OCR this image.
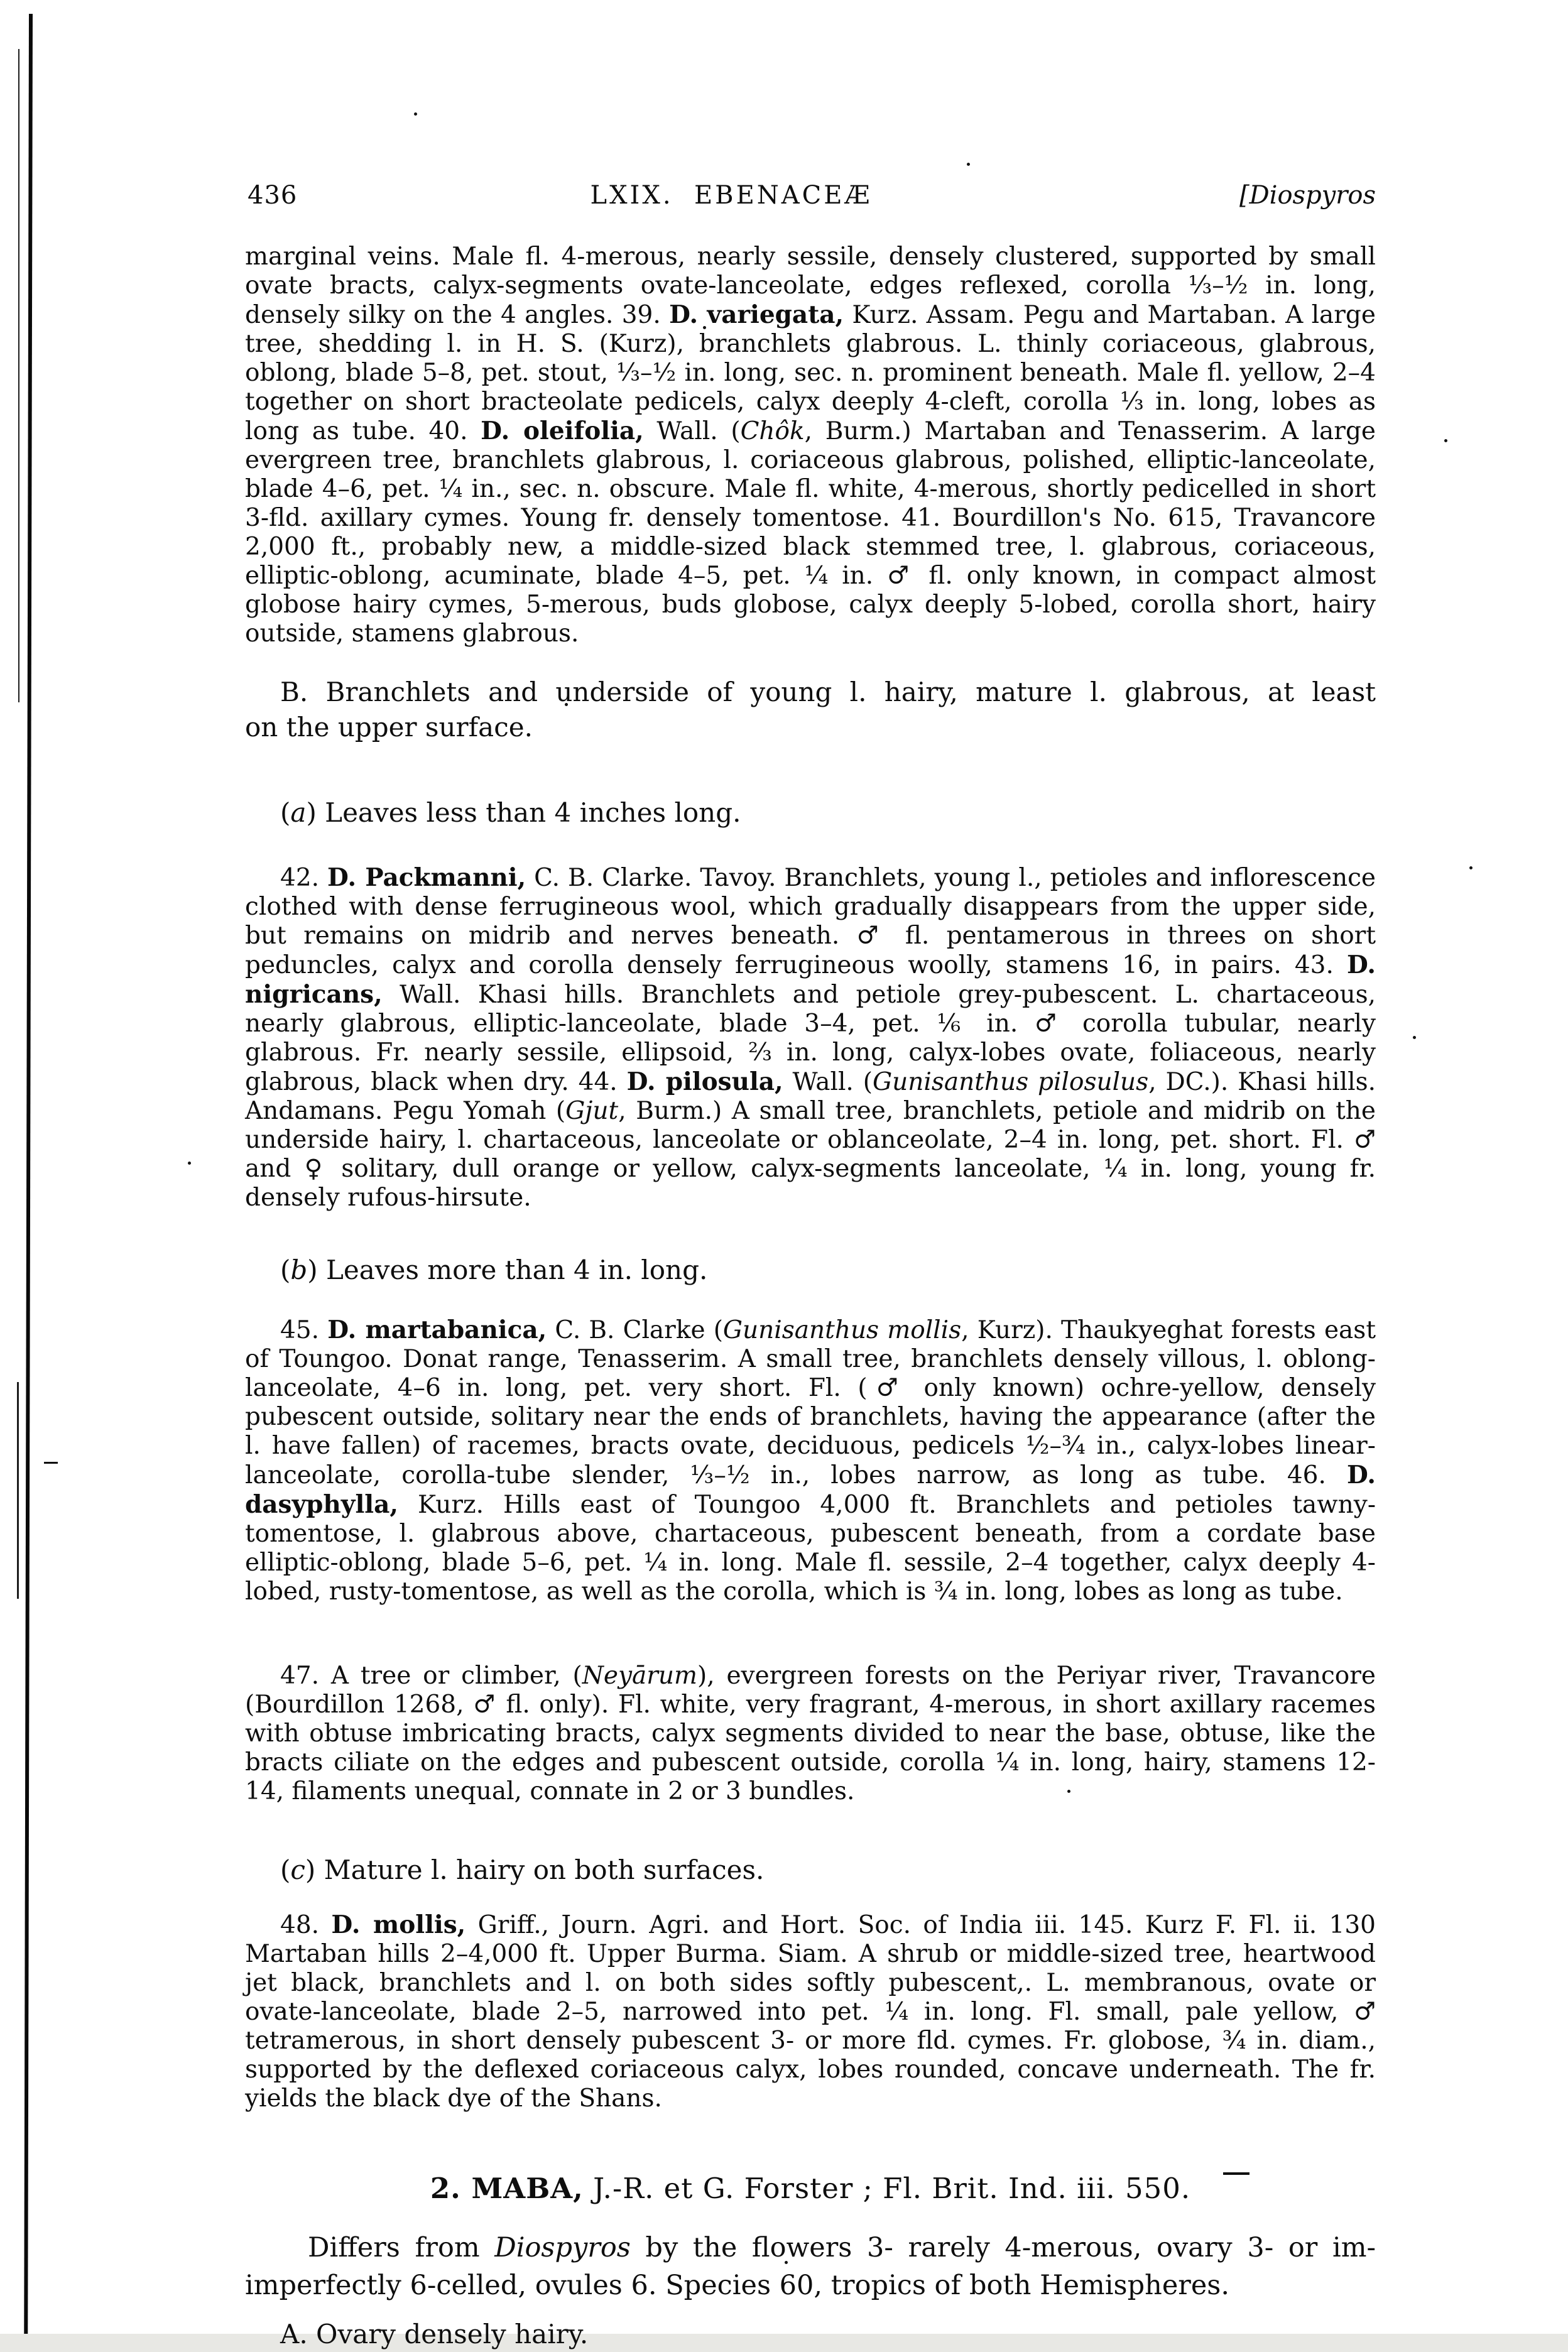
436	LXIX.  EBENACEÆ	[Diospyros
marginal veins. Male fl. 4-merous, nearly sessile, densely clustered, supported by small ovate bracts, calyx-segments ovate-lanceolate, edges reflexed, corolla ⅓–½ in. long, densely silky on the 4 angles. 39. D. variegata, Kurz. Assam. Pegu and Martaban. A large tree, shedding l. in H. S. (Kurz), branchlets glabrous. L. thinly coriaceous, glabrous, oblong, blade 5–8, pet. stout, ⅓–½ in. long, sec. n. prominent beneath. Male fl. yellow, 2–4 together on short bracteolate pedicels, calyx deeply 4-cleft, corolla ⅓ in. long, lobes as long as tube. 40. D. oleifolia, Wall. (Chôk, Burm.) Martaban and Tenasserim. A large evergreen tree, branchlets glabrous, l. coriaceous glabrous, polished, elliptic-lanceolate, blade 4–6, pet. ¼ in., sec. n. obscure. Male fl. white, 4-merous, shortly pedicelled in short 3-fld. axillary cymes. Young fr. densely tomentose. 41. Bourdillon's No. 615, Travancore 2,000 ft., probably new, a middle-sized black stemmed tree, l. glabrous, coriaceous, elliptic-oblong, acuminate, blade 4–5, pet. ¼ in. ♂ fl. only known, in compact almost globose hairy cymes, 5-merous, buds globose, calyx deeply 5-lobed, corolla short, hairy outside, stamens glabrous.
B. Branchlets and underside of young l. hairy, mature l. glabrous, at least
on the upper surface.
(a) Leaves less than 4 inches long.
42. D. Packmanni, C. B. Clarke. Tavoy. Branchlets, young l., petioles and inflorescence clothed with dense ferrugineous wool, which gradually disappears from the upper side, but remains on midrib and nerves beneath. ♂ fl. pentamerous in threes on short peduncles, calyx and corolla densely ferrugineous woolly, stamens 16, in pairs. 43. D. nigricans, Wall. Khasi hills. Branchlets and petiole grey-pubescent. L. chartaceous, nearly glabrous, elliptic-lanceolate, blade 3–4, pet. ⅙ in. ♂ corolla tubular, nearly glabrous. Fr. nearly sessile, ellipsoid, ⅔ in. long, calyx-lobes ovate, foliaceous, nearly glabrous, black when dry. 44. D. pilosula, Wall. (Gunisanthus pilosulus, DC.). Khasi hills. Andamans. Pegu Yomah (Gjut, Burm.) A small tree, branchlets, petiole and midrib on the underside hairy, l. chartaceous, lanceolate or oblanceolate, 2–4 in. long, pet. short. Fl. ♂ and ♀ solitary, dull orange or yellow, calyx-segments lanceolate, ¼ in. long, young fr. densely rufous-hirsute.
(b) Leaves more than 4 in. long.
45. D. martabanica, C. B. Clarke (Gunisanthus mollis, Kurz). Thaukyeghat forests east of Toungoo. Donat range, Tenasserim. A small tree, branchlets densely villous, l. oblong-lanceolate, 4–6 in. long, pet. very short. Fl. (♂ only known) ochre-yellow, densely pubescent outside, solitary near the ends of branchlets, having the appearance (after the l. have fallen) of racemes, bracts ovate, deciduous, pedicels ½–¾ in., calyx-lobes linear-lanceolate, corolla-tube slender, ⅓–½ in., lobes narrow, as long as tube. 46. D. dasyphylla, Kurz. Hills east of Toungoo 4,000 ft. Branchlets and petioles tawny-tomentose, l. glabrous above, chartaceous, pubescent beneath, from a cordate base elliptic-oblong, blade 5–6, pet. ¼ in. long. Male fl. sessile, 2–4 together, calyx deeply 4-lobed, rusty-tomentose, as well as the corolla, which is ¾ in. long, lobes as long as tube.
47. A tree or climber, (Neyārum), evergreen forests on the Periyar river, Travancore (Bourdillon 1268, ♂ fl. only). Fl. white, very fragrant, 4-merous, in short axillary racemes with obtuse imbricating bracts, calyx segments divided to near the base, obtuse, like the bracts ciliate on the edges and pubescent outside, corolla ¼ in. long, hairy, stamens 12-14, filaments unequal, connate in 2 or 3 bundles.
(c) Mature l. hairy on both surfaces.
48. D. mollis, Griff., Journ. Agri. and Hort. Soc. of India iii. 145. Kurz F. Fl. ii. 130 Martaban hills 2–4,000 ft. Upper Burma. Siam. A shrub or middle-sized tree, heartwood jet black, branchlets and l. on both sides softly pubescent,. L. membranous, ovate or ovate-lanceolate, blade 2–5, narrowed into pet. ¼ in. long. Fl. small, pale yellow, ♂ tetramerous, in short densely pubescent 3- or more fld. cymes. Fr. globose, ¾ in. diam., supported by the deflexed coriaceous calyx, lobes rounded, concave underneath. The fr. yields the black dye of the Shans.
2. MABA, J.-R. et G. Forster ; Fl. Brit. Ind. iii. 550.
Differs from Diospyros by the flowers 3- rarely 4-merous, ovary 3- or im-
imperfectly 6-celled, ovules 6. Species 60, tropics of both Hemispheres.
A. Ovary densely hairy.
